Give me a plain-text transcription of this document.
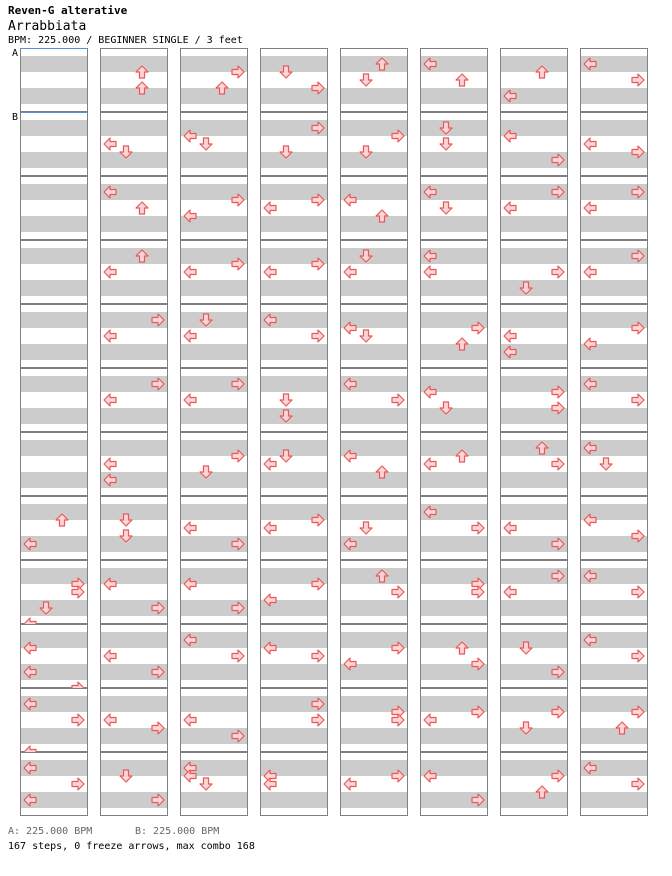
Reven-G alterative
Arrabbiata
BPM: 225.000 / BEGINNER SINGLE / 3 feet
A
B
A: 225.000 BPM	B: 225.000 BPM
167 steps, 0 freeze arrows, max combo 168
